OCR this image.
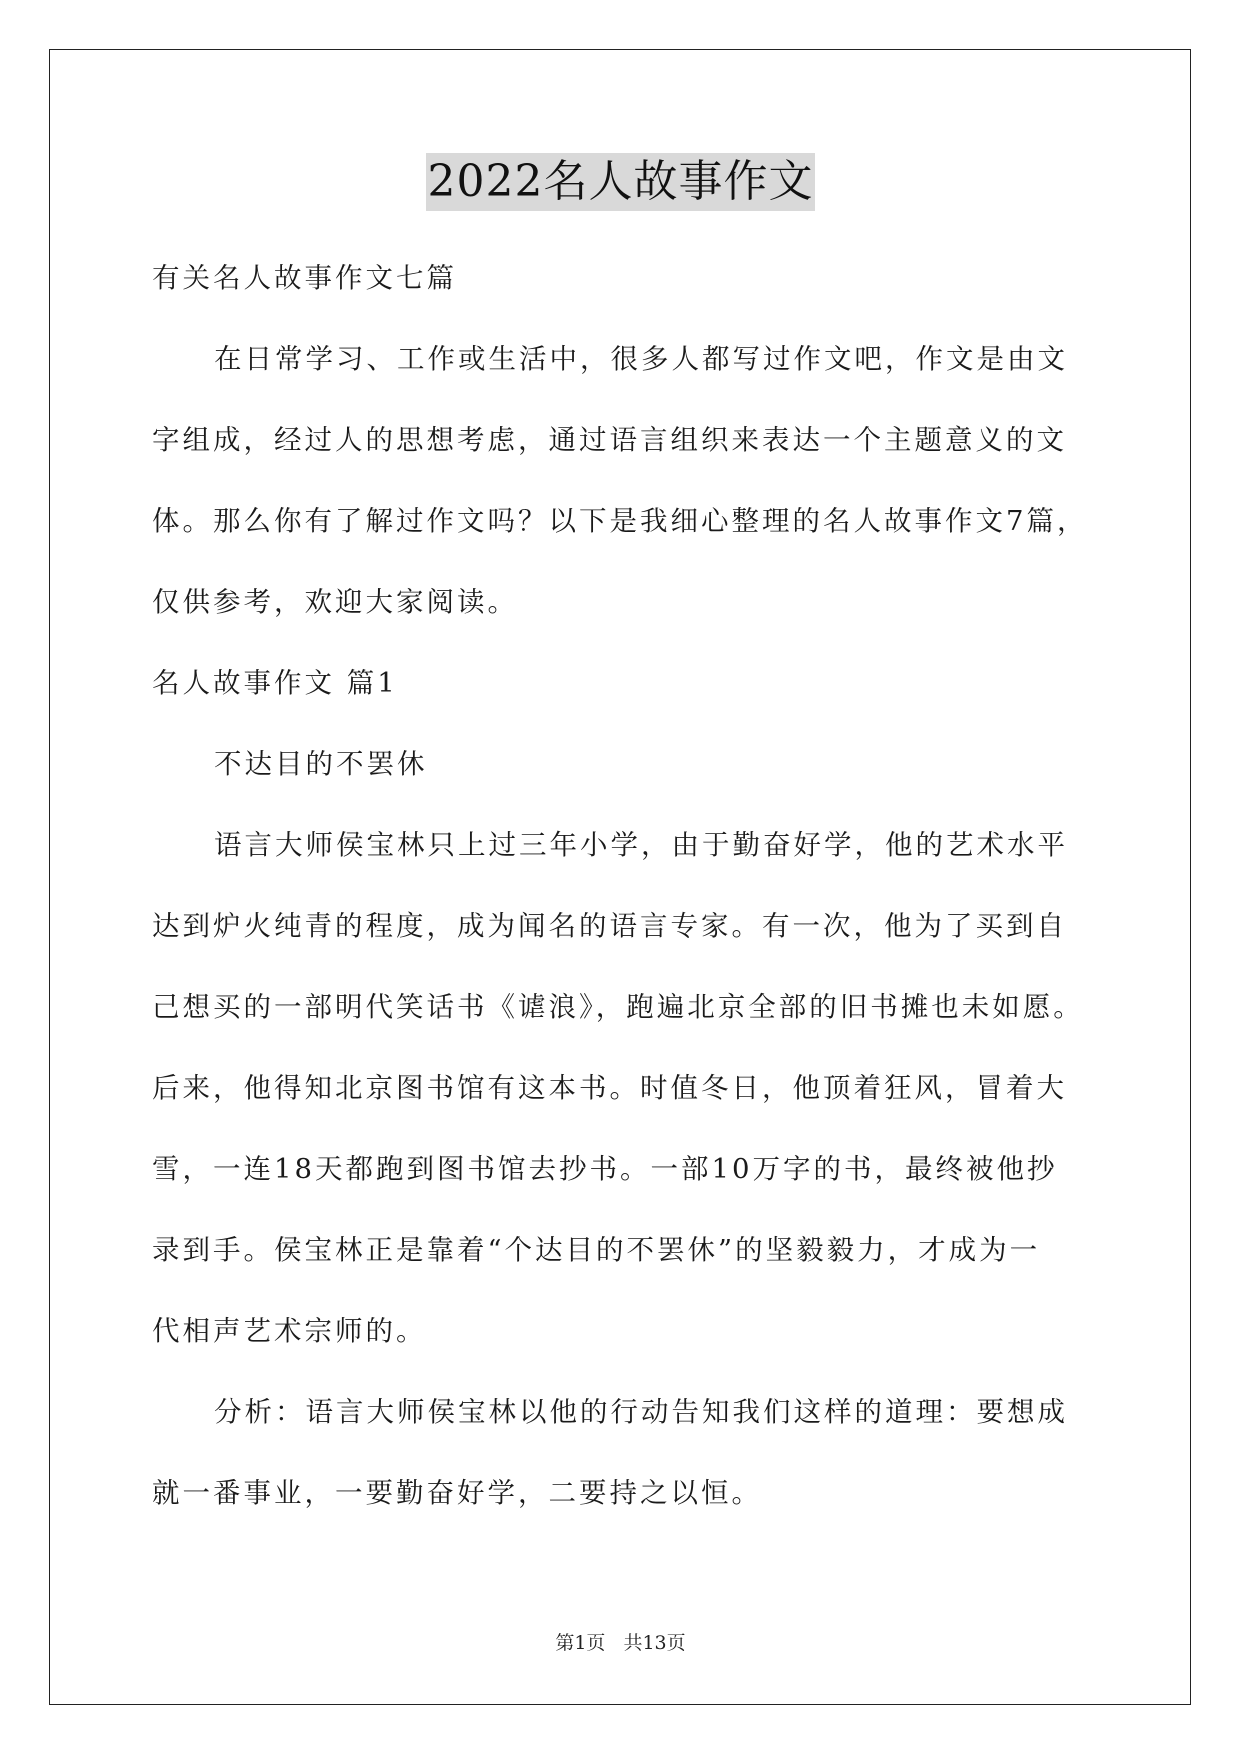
2022名人故事作文
有关名人故事作文七篇
在日常学习、工作或生活中，很多人都写过作文吧，作文是由文
字组成，经过人的思想考虑，通过语言组织来表达一个主题意义的文
体。那么你有了解过作文吗？以下是我细心整理的名人故事作文7篇，
仅供参考，欢迎大家阅读。
名人故事作文 篇1
不达目的不罢休
语言大师侯宝林只上过三年小学，由于勤奋好学，他的艺术水平
达到炉火纯青的程度，成为闻名的语言专家。有一次，他为了买到自
己想买的一部明代笑话书《谑浪》，跑遍北京全部的旧书摊也未如愿。
后来，他得知北京图书馆有这本书。时值冬日，他顶着狂风，冒着大
雪，一连18天都跑到图书馆去抄书。一部10万字的书，最终被他抄
录到手。侯宝林正是靠着“个达目的不罢休”的坚毅毅力，才成为一
代相声艺术宗师的。
分析：语言大师侯宝林以他的行动告知我们这样的道理：要想成
就一番事业，一要勤奋好学，二要持之以恒。
第1页 共13页
